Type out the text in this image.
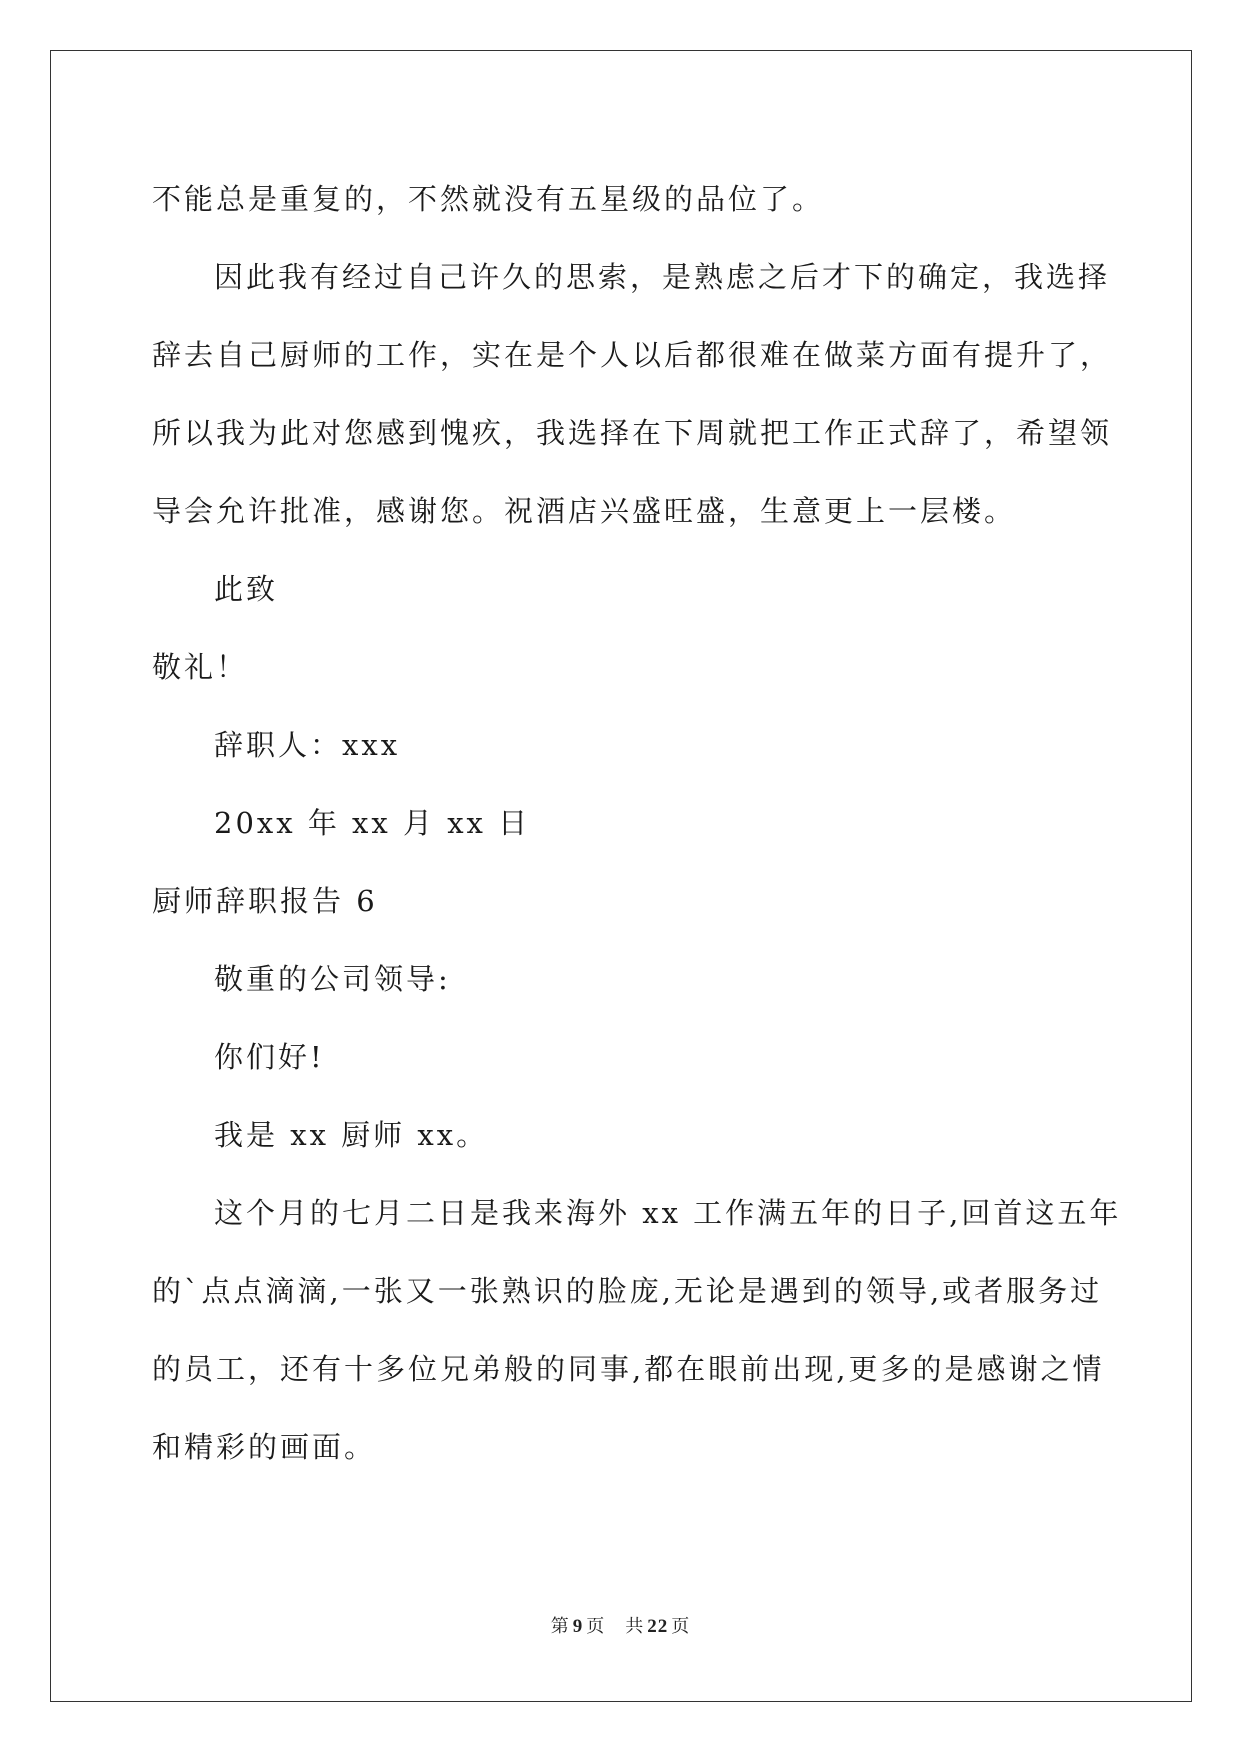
不能总是重复的，不然就没有五星级的品位了。
因此我有经过自己许久的思索，是熟虑之后才下的确定，我选择
辞去自己厨师的工作，实在是个人以后都很难在做菜方面有提升了，
所以我为此对您感到愧疚，我选择在下周就把工作正式辞了，希望领
导会允许批准，感谢您。祝酒店兴盛旺盛，生意更上一层楼。
此致
敬礼！
辞职人：xxx
20xx 年 xx 月 xx 日
厨师辞职报告 6
敬重的公司领导:
你们好!
我是 xx 厨师 xx。
这个月的七月二日是我来海外 xx 工作满五年的日子,回首这五年
的`点点滴滴,一张又一张熟识的脸庞,无论是遇到的领导,或者服务过
的员工，还有十多位兄弟般的同事,都在眼前出现,更多的是感谢之情
和精彩的画面。
第 9 页 共 22 页
